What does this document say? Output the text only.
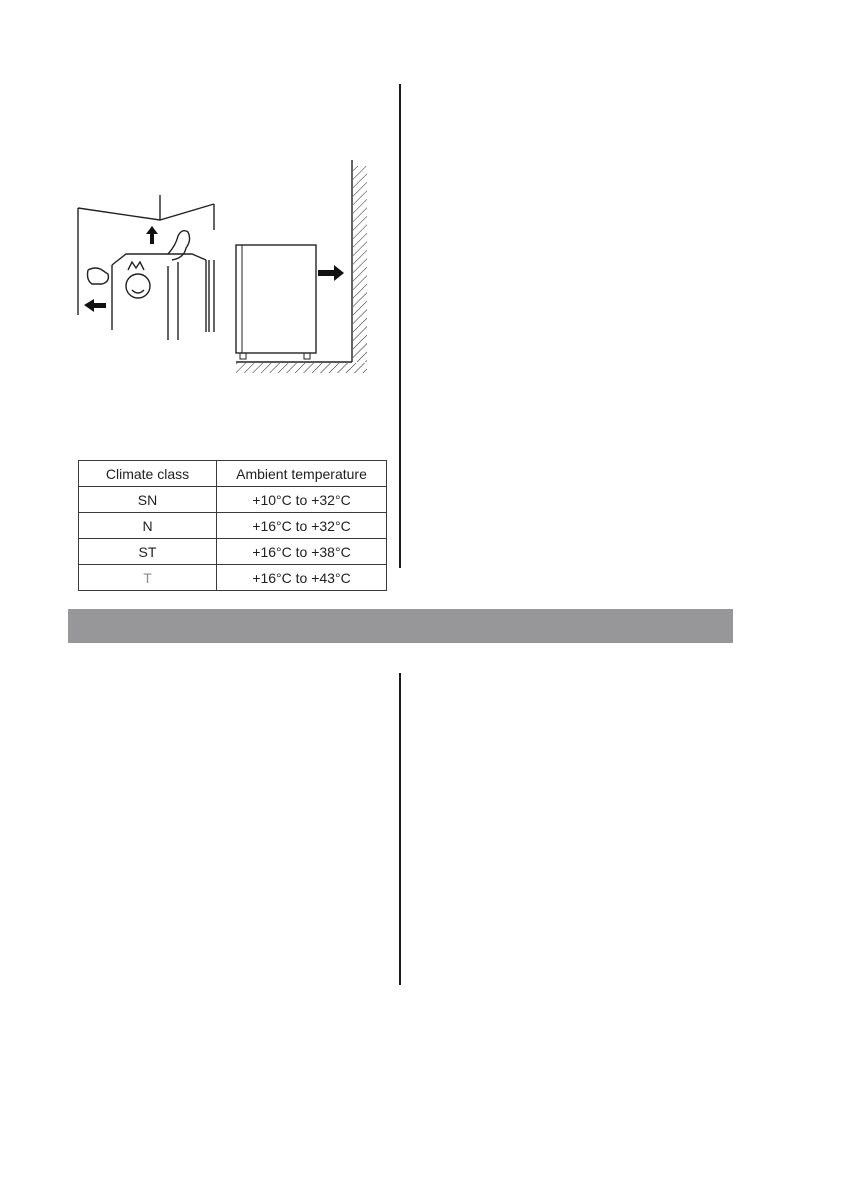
Climate class	Ambient temperature
SN	+10°C to +32°C
N	+16°C to +32°C
ST	+16°C to +38°C
T	+16°C to +43°C
